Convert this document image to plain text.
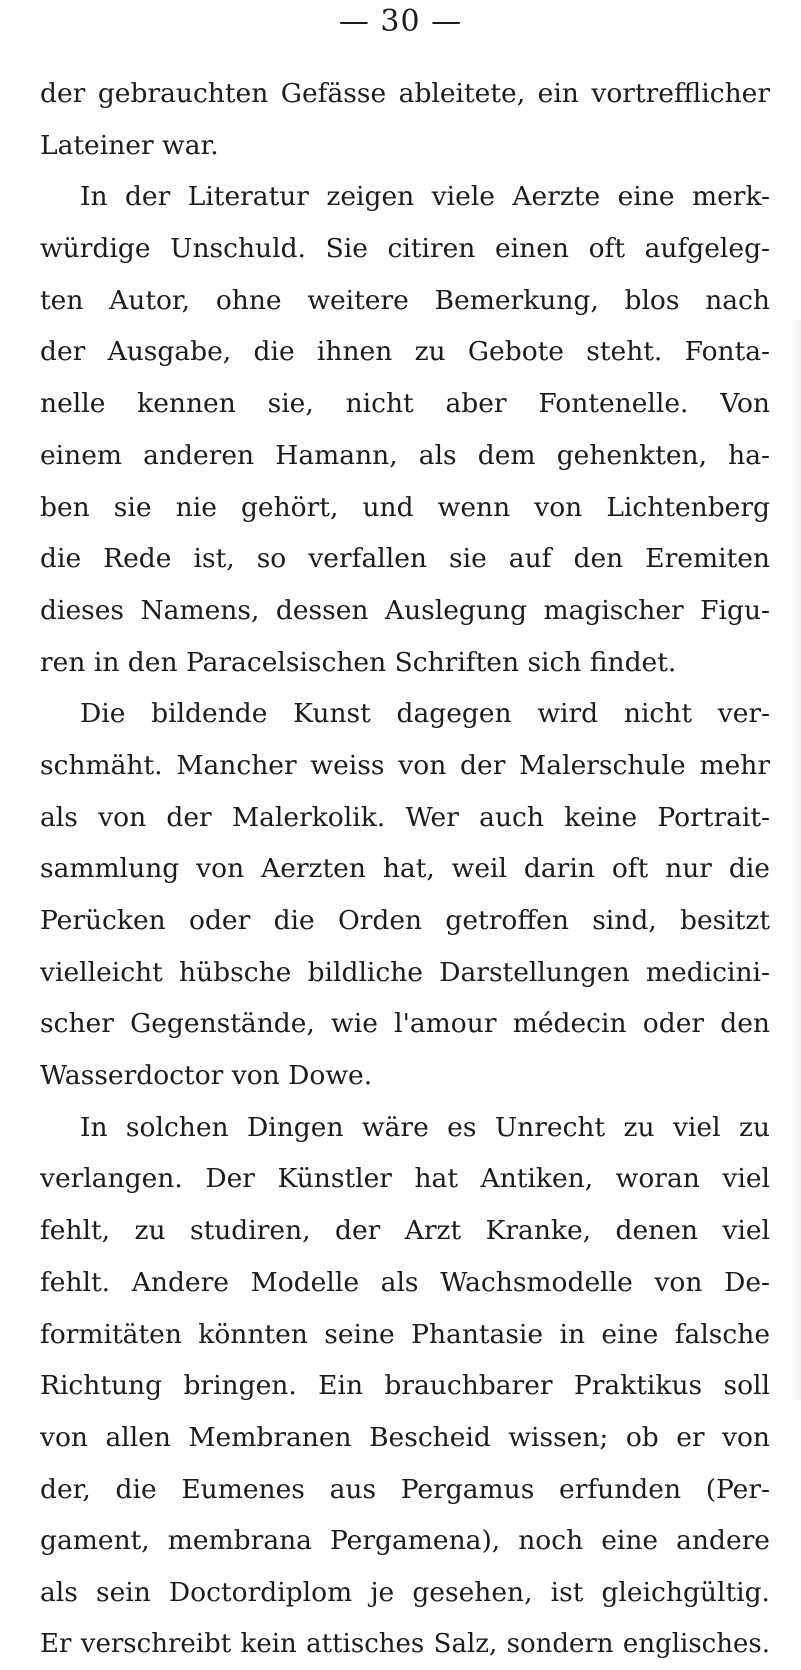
— 30 —
der gebrauchten Gefässe ableitete, ein vortrefflicher
Lateiner war.
In der Literatur zeigen viele Aerzte eine merk-
würdige Unschuld. Sie citiren einen oft aufgeleg-
ten Autor, ohne weitere Bemerkung, blos nach
der Ausgabe, die ihnen zu Gebote steht. Fonta-
nelle kennen sie, nicht aber Fontenelle. Von
einem anderen Hamann, als dem gehenkten, ha-
ben sie nie gehört, und wenn von Lichtenberg
die Rede ist, so verfallen sie auf den Eremiten
dieses Namens, dessen Auslegung magischer Figu-
ren in den Paracelsischen Schriften sich findet.
Die bildende Kunst dagegen wird nicht ver-
schmäht. Mancher weiss von der Malerschule mehr
als von der Malerkolik. Wer auch keine Portrait-
sammlung von Aerzten hat, weil darin oft nur die
Perücken oder die Orden getroffen sind, besitzt
vielleicht hübsche bildliche Darstellungen medicini-
scher Gegenstände, wie l'amour médecin oder den
Wasserdoctor von Dowe.
In solchen Dingen wäre es Unrecht zu viel zu
verlangen. Der Künstler hat Antiken, woran viel
fehlt, zu studiren, der Arzt Kranke, denen viel
fehlt. Andere Modelle als Wachsmodelle von De-
formitäten könnten seine Phantasie in eine falsche
Richtung bringen. Ein brauchbarer Praktikus soll
von allen Membranen Bescheid wissen; ob er von
der, die Eumenes aus Pergamus erfunden (Per-
gament, membrana Pergamena), noch eine andere
als sein Doctordiplom je gesehen, ist gleichgültig.
Er verschreibt kein attisches Salz, sondern englisches.
